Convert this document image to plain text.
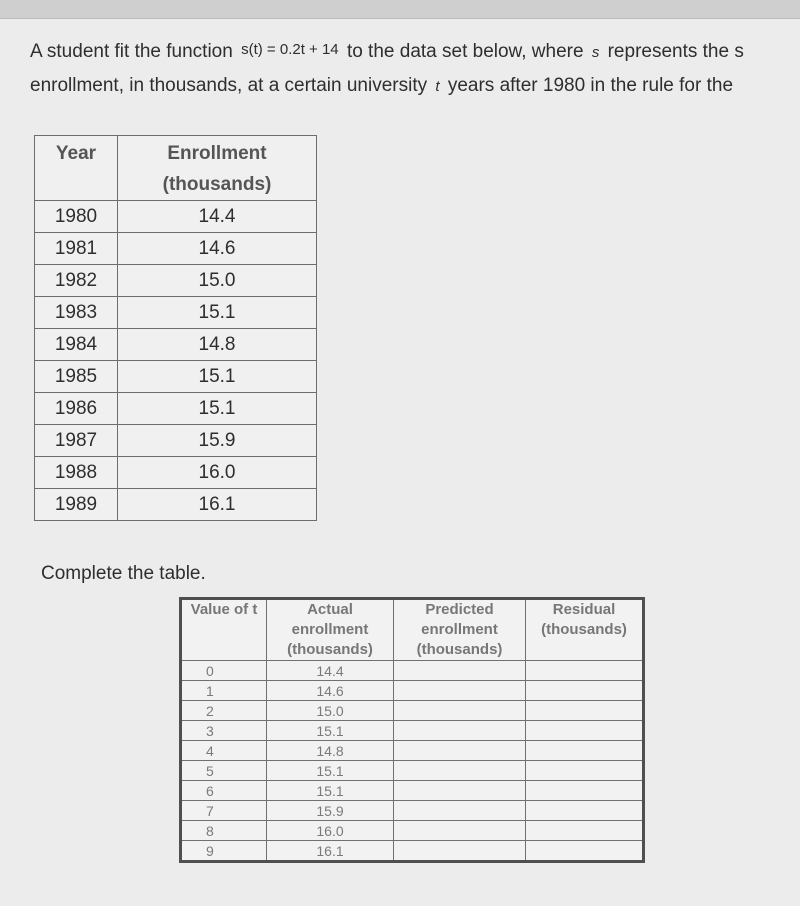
A student fit the function s(t) = 0.2t + 14 to the data set below, where s represents the s
enrollment, in thousands, at a certain university t years after 1980 in the rule for the
Year	Enrollment (thousands)
1980	14.4
1981	14.6
1982	15.0
1983	15.1
1984	14.8
1985	15.1
1986	15.1
1987	15.9
1988	16.0
1989	16.1
Complete the table.
Value of t	Actual enrollment (thousands)	Predicted enrollment (thousands)	Residual (thousands)
0	14.4		
1	14.6		
2	15.0		
3	15.1		
4	14.8		
5	15.1		
6	15.1		
7	15.9		
8	16.0		
9	16.1		
